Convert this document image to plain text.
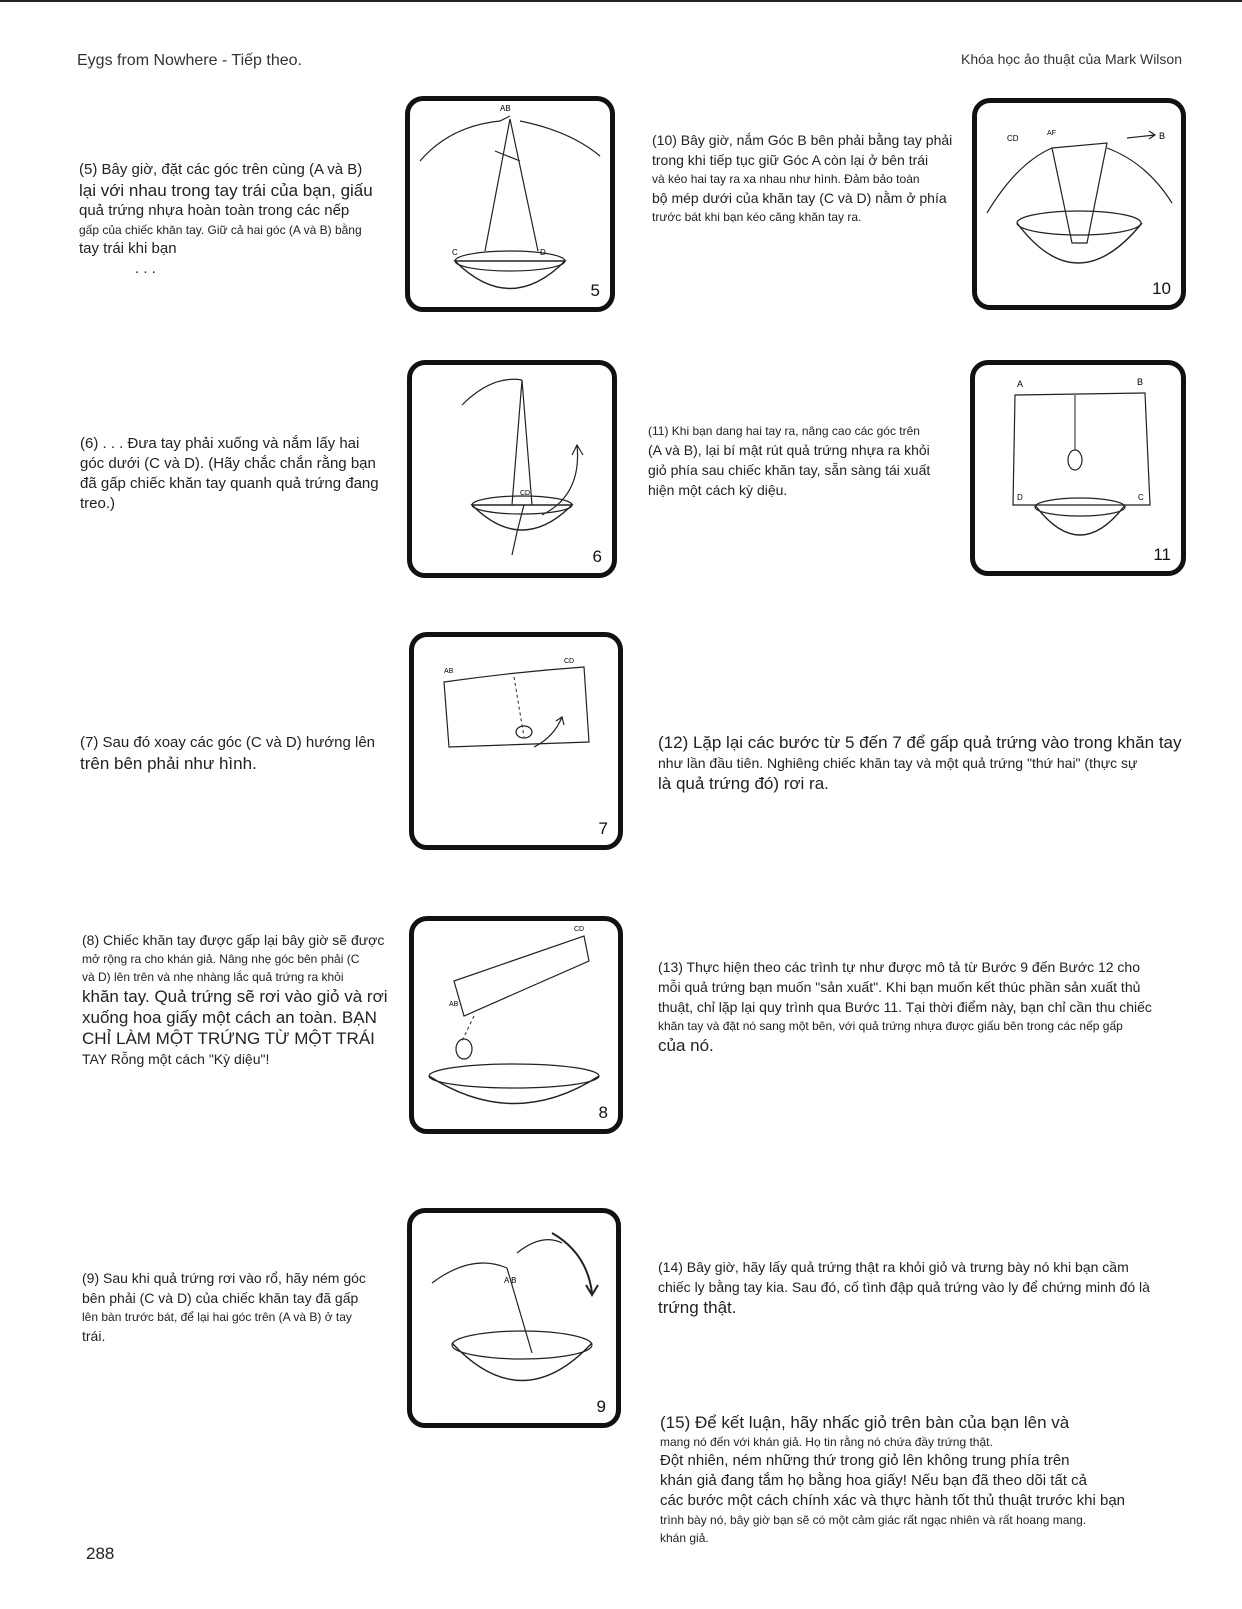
Eygs from Nowhere - Tiếp theo.	Khóa học ảo thuật của Mark Wilson
(5) Bây giờ, đặt các góc trên cùng (A và B)
lại với nhau trong tay trái của bạn, giấu
quả trứng nhựa hoàn toàn trong các nếp
gấp của chiếc khăn tay. Giữ cả hai góc (A và B) bằng
tay trái khi bạn
. . .
AB
C	D
5
(10) Bây giờ, nắm Góc B bên phải bằng tay phải
trong khi tiếp tục giữ Góc A còn lại ở bên trái
và kéo hai tay ra xa nhau như hình. Đảm bảo toàn
bộ mép dưới của khăn tay (C và D) nằm ở phía
trước bát khi bạn kéo căng khăn tay ra.
CD
AF	B
10
(6) . . . Đưa tay phải xuống và nắm lấy hai
góc dưới (C và D). (Hãy chắc chắn rằng bạn
đã gấp chiếc khăn tay quanh quả trứng đang
treo.)
CD
6
(11) Khi bạn dang hai tay ra, nâng cao các góc trên
(A và B), lại bí mật rút quả trứng nhựa ra khỏi
giỏ phía sau chiếc khăn tay, sẵn sàng tái xuất
hiện một cách kỳ diệu.
A	B
D	C
11
(7) Sau đó xoay các góc (C và D) hướng lên
trên bên phải như hình.
AB
CD
7
(12) Lặp lại các bước từ 5 đến 7 để gấp quả trứng vào trong khăn tay
như lần đầu tiên. Nghiêng chiếc khăn tay và một quả trứng "thứ hai" (thực sự
là quả trứng đó) rơi ra.
(8) Chiếc khăn tay được gấp lại bây giờ sẽ được
mở rộng ra cho khán giả. Nâng nhẹ góc bên phải (C
và D) lên trên và nhẹ nhàng lắc quả trứng ra khỏi
khăn tay. Quả trứng sẽ rơi vào giỏ và rơi
xuống hoa giấy một cách an toàn. BẠN
CHỈ LÀM MỘT TRỨNG TỪ MỘT TRÁI
TAY Rỗng một cách "Kỳ diệu"!
CD
AB
8
(13) Thực hiện theo các trình tự như được mô tả từ Bước 9 đến Bước 12 cho
mỗi quả trứng bạn muốn "sản xuất". Khi bạn muốn kết thúc phần sản xuất thủ
thuật, chỉ lặp lại quy trình qua Bước 11. Tại thời điểm này, bạn chỉ cần thu chiếc
khăn tay và đặt nó sang một bên, với quả trứng nhựa được giấu bên trong các nếp gấp
của nó.
(9) Sau khi quả trứng rơi vào rổ, hãy ném góc
bên phải (C và D) của chiếc khăn tay đã gấp
lên bàn trước bát, để lại hai góc trên (A và B) ở tay
trái.
A B
9
(14) Bây giờ, hãy lấy quả trứng thật ra khỏi giỏ và trưng bày nó khi bạn cầm
chiếc ly bằng tay kia. Sau đó, cố tình đập quả trứng vào ly để chứng minh đó là
trứng thật.
(15) Để kết luận, hãy nhấc giỏ trên bàn của bạn lên và
mang nó đến với khán giả. Họ tin rằng nó chứa đầy trứng thật.
Đột nhiên, ném những thứ trong giỏ lên không trung phía trên
khán giả đang tắm họ bằng hoa giấy! Nếu bạn đã theo dõi tất cả
các bước một cách chính xác và thực hành tốt thủ thuật trước khi bạn
trình bày nó, bây giờ bạn sẽ có một cảm giác rất ngạc nhiên và rất hoang mang.
khán giả.
288
